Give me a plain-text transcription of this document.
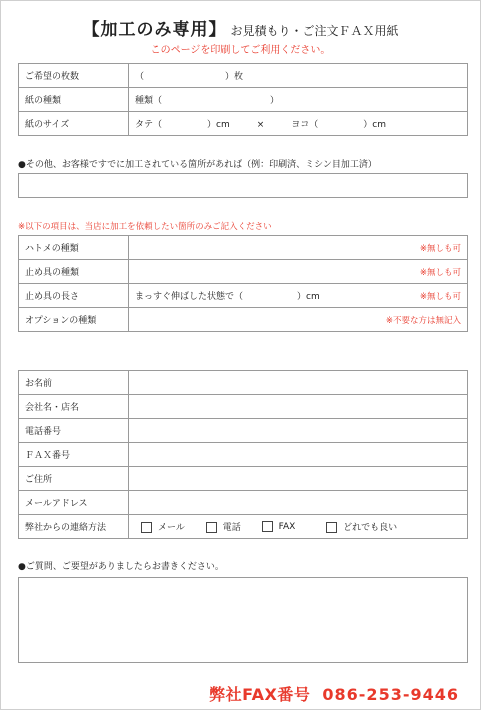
【加工のみ専用】 お見積もり・ご注文ＦＡＸ用紙
このページを印刷してご利用ください。
ご希望の枚数	（　　　　　　　　　）枚
紙の種類	種類（　　　　　　　　　　　　）
紙のサイズ	タテ（　　　　　）cm　　　×　　　ヨコ（　　　　　）cm
●その他、お客様ですでに加工されている箇所があれば（例：印刷済、ミシン目加工済）
※以下の項目は、当店に加工を依頼したい箇所のみご記入ください
ハトメの種類	※無しも可

止め具の種類	※無しも可

止め具の長さ	まっすぐ伸ばした状態で（　　　　　　）cm ※無しも可

オプションの種類	※不要な方は無記入
お名前	
会社名・店名	
電話番号	
ＦＡＸ番号	
ご住所	
メールアドレス	
弊社からの連絡方法	メール 電話 FAX どれでも良い
●ご質問、ご要望がありましたらお書きください。
弊社FAX番号 086-253-9446
